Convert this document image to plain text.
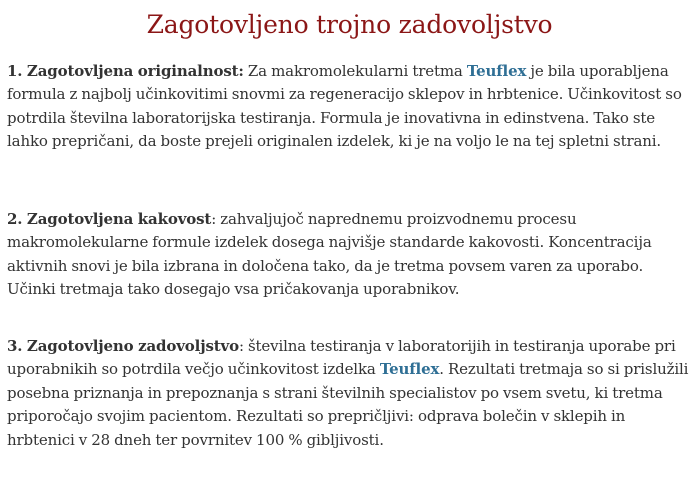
Zagotovljeno trojno zadovoljstvo

1. Zagotovljena originalnost: Za makromolekularni tretma Teuflex je bila uporabljena formula z najbolj učinkovitimi snovmi za regeneracijo sklepov in hrbtenice. Učinkovitost so potrdila številna laboratorijska testiranja. Formula je inovativna in edinstvena. Tako ste lahko prepričani, da boste prejeli originalen izdelek, ki je na voljo le na tej spletni strani.

2. Zagotovljena kakovost: zahvaljujoč naprednemu proizvodnemu procesu makromolekularne formule izdelek dosega najvišje standarde kakovosti. Koncentracija aktivnih snovi je bila izbrana in določena tako, da je tretma povsem varen za uporabo. Učinki tretmaja tako dosegajo vsa pričakovanja uporabnikov.

3. Zagotovljeno zadovoljstvo: številna testiranja v laboratorijih in testiranja uporabe pri uporabnikih so potrdila večjo učinkovitost izdelka Teuflex. Rezultati tretmaja so si prislužili posebna priznanja in prepoznanja s strani številnih specialistov po vsem svetu, ki tretma priporočajo svojim pacientom. Rezultati so prepričljivi: odprava bolečin v sklepih in hrbtenici v 28 dneh ter povrnitev 100 % gibljivosti.
